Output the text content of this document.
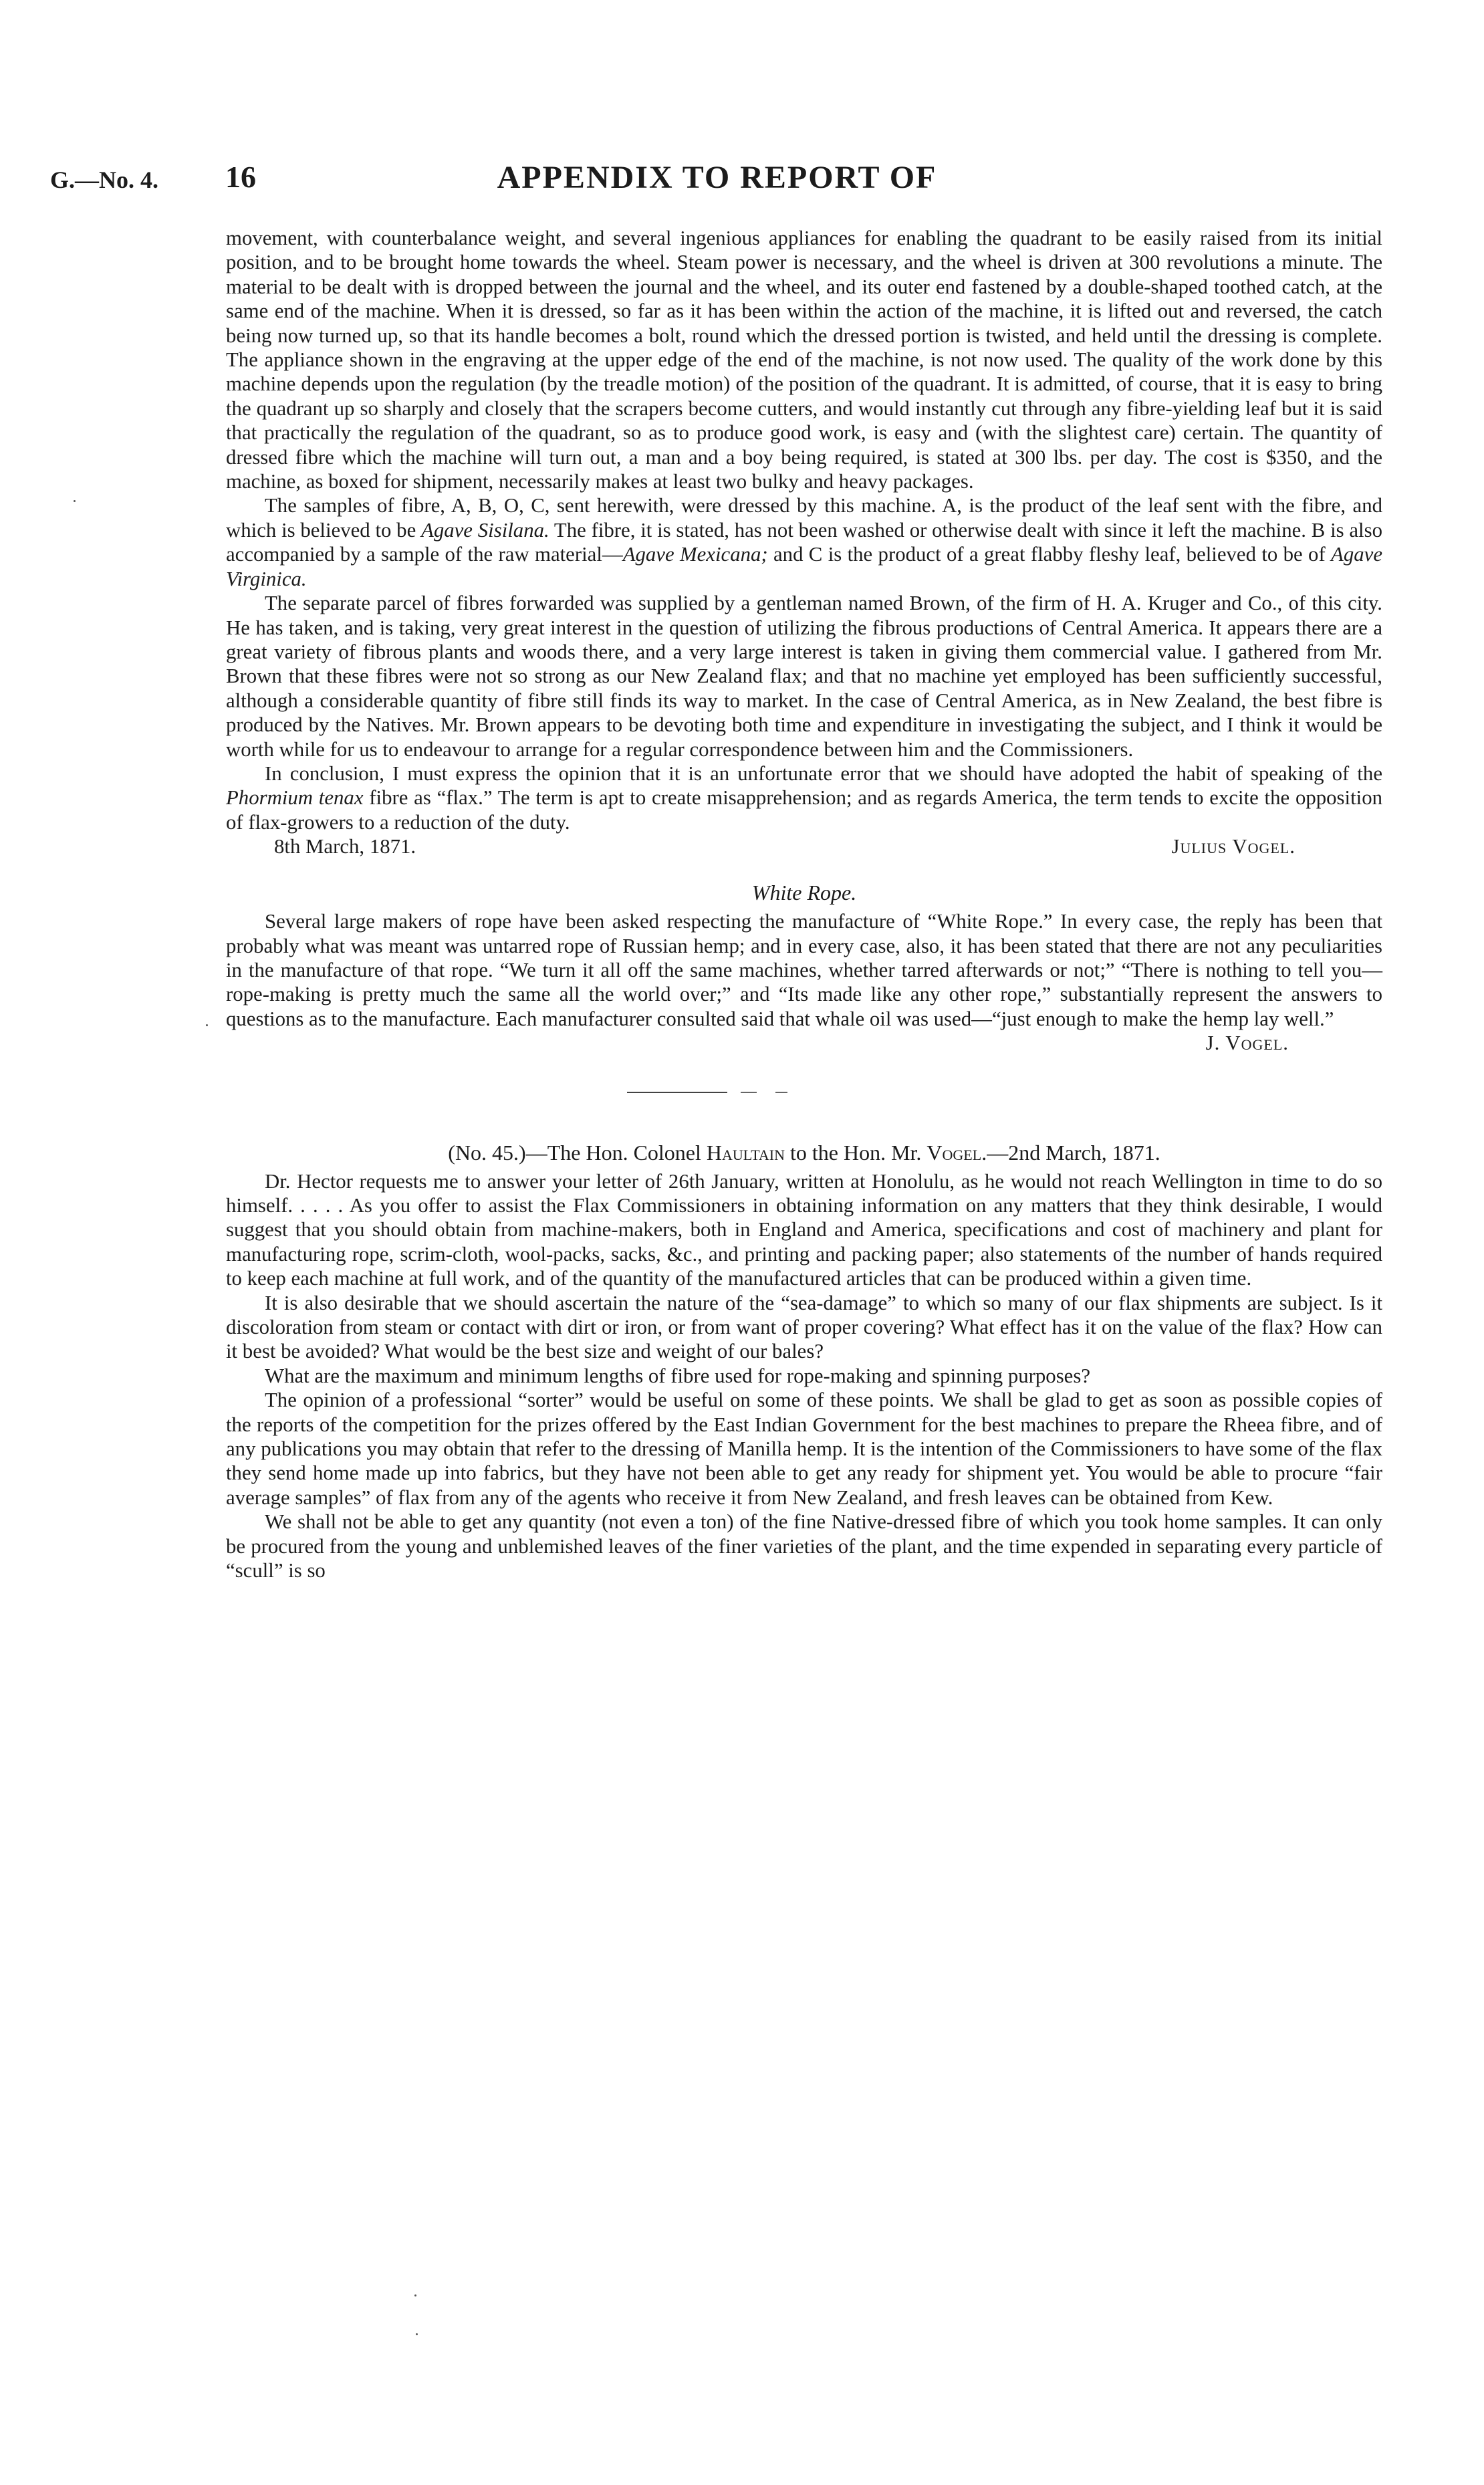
G.—No. 4. 16	APPENDIX TO REPORT OF

movement, with counterbalance weight, and several ingenious appliances for enabling the quadrant to be easily raised from its initial position, and to be brought home towards the wheel. Steam power is necessary, and the wheel is driven at 300 revolutions a minute. The material to be dealt with is dropped between the journal and the wheel, and its outer end fastened by a double-shaped toothed catch, at the same end of the machine. When it is dressed, so far as it has been within the action of the machine, it is lifted out and reversed, the catch being now turned up, so that its handle becomes a bolt, round which the dressed portion is twisted, and held until the dressing is complete. The appliance shown in the engraving at the upper edge of the end of the machine, is not now used. The quality of the work done by this machine depends upon the regulation (by the treadle motion) of the position of the quadrant. It is admitted, of course, that it is easy to bring the quadrant up so sharply and closely that the scrapers become cutters, and would instantly cut through any fibre-yielding leaf but it is said that practically the regulation of the quadrant, so as to produce good work, is easy and (with the slightest care) certain. The quantity of dressed fibre which the machine will turn out, a man and a boy being required, is stated at 300 lbs. per day. The cost is $350, and the machine, as boxed for shipment, necessarily makes at least two bulky and heavy packages.

The samples of fibre, A, B, O, C, sent herewith, were dressed by this machine. A, is the product of the leaf sent with the fibre, and which is believed to be Agave Sisilana. The fibre, it is stated, has not been washed or otherwise dealt with since it left the machine. B is also accompanied by a sample of the raw material—Agave Mexicana; and C is the product of a great flabby fleshy leaf, believed to be of Agave Virginica.

The separate parcel of fibres forwarded was supplied by a gentleman named Brown, of the firm of H. A. Kruger and Co., of this city. He has taken, and is taking, very great interest in the question of utilizing the fibrous productions of Central America. It appears there are a great variety of fibrous plants and woods there, and a very large interest is taken in giving them commercial value. I gathered from Mr. Brown that these fibres were not so strong as our New Zealand flax; and that no machine yet employed has been sufficiently successful, although a considerable quantity of fibre still finds its way to market. In the case of Central America, as in New Zealand, the best fibre is produced by the Natives. Mr. Brown appears to be devoting both time and expenditure in investigating the subject, and I think it would be worth while for us to endeavour to arrange for a regular correspondence between him and the Commissioners.

In conclusion, I must express the opinion that it is an unfortunate error that we should have adopted the habit of speaking of the Phormium tenax fibre as “flax.” The term is apt to create misapprehension; and as regards America, the term tends to excite the opposition of flax-growers to a reduction of the duty.

8th March, 1871.	Julius Vogel.
White Rope.

Several large makers of rope have been asked respecting the manufacture of “White Rope.” In every case, the reply has been that probably what was meant was untarred rope of Russian hemp; and in every case, also, it has been stated that there are not any peculiarities in the manufacture of that rope. “We turn it all off the same machines, whether tarred afterwards or not;” “There is nothing to tell you—rope-making is pretty much the same all the world over;” and “Its made like any other rope,” substantially represent the answers to questions as to the manufacture. Each manufacturer consulted said that whale oil was used—“just enough to make the hemp lay well.”

J. Vogel.
(No. 45.)—The Hon. Colonel Haultain to the Hon. Mr. Vogel.—2nd March, 1871.

Dr. Hector requests me to answer your letter of 26th January, written at Honolulu, as he would not reach Wellington in time to do so himself. . . . . As you offer to assist the Flax Commissioners in obtaining information on any matters that they think desirable, I would suggest that you should obtain from machine-makers, both in England and America, specifications and cost of machinery and plant for manufacturing rope, scrim-cloth, wool-packs, sacks, &c., and printing and packing paper; also statements of the number of hands required to keep each machine at full work, and of the quantity of the manufactured articles that can be produced within a given time.

It is also desirable that we should ascertain the nature of the “sea-damage” to which so many of our flax shipments are subject. Is it discoloration from steam or contact with dirt or iron, or from want of proper covering? What effect has it on the value of the flax? How can it best be avoided? What would be the best size and weight of our bales?

What are the maximum and minimum lengths of fibre used for rope-making and spinning purposes?

The opinion of a professional “sorter” would be useful on some of these points. We shall be glad to get as soon as possible copies of the reports of the competition for the prizes offered by the East Indian Government for the best machines to prepare the Rheea fibre, and of any publications you may obtain that refer to the dressing of Manilla hemp. It is the intention of the Commissioners to have some of the flax they send home made up into fabrics, but they have not been able to get any ready for shipment yet. You would be able to procure “fair average samples” of flax from any of the agents who receive it from New Zealand, and fresh leaves can be obtained from Kew.

We shall not be able to get any quantity (not even a ton) of the fine Native-dressed fibre of which you took home samples. It can only be procured from the young and unblemished leaves of the finer varieties of the plant, and the time expended in separating every particle of “scull” is so
